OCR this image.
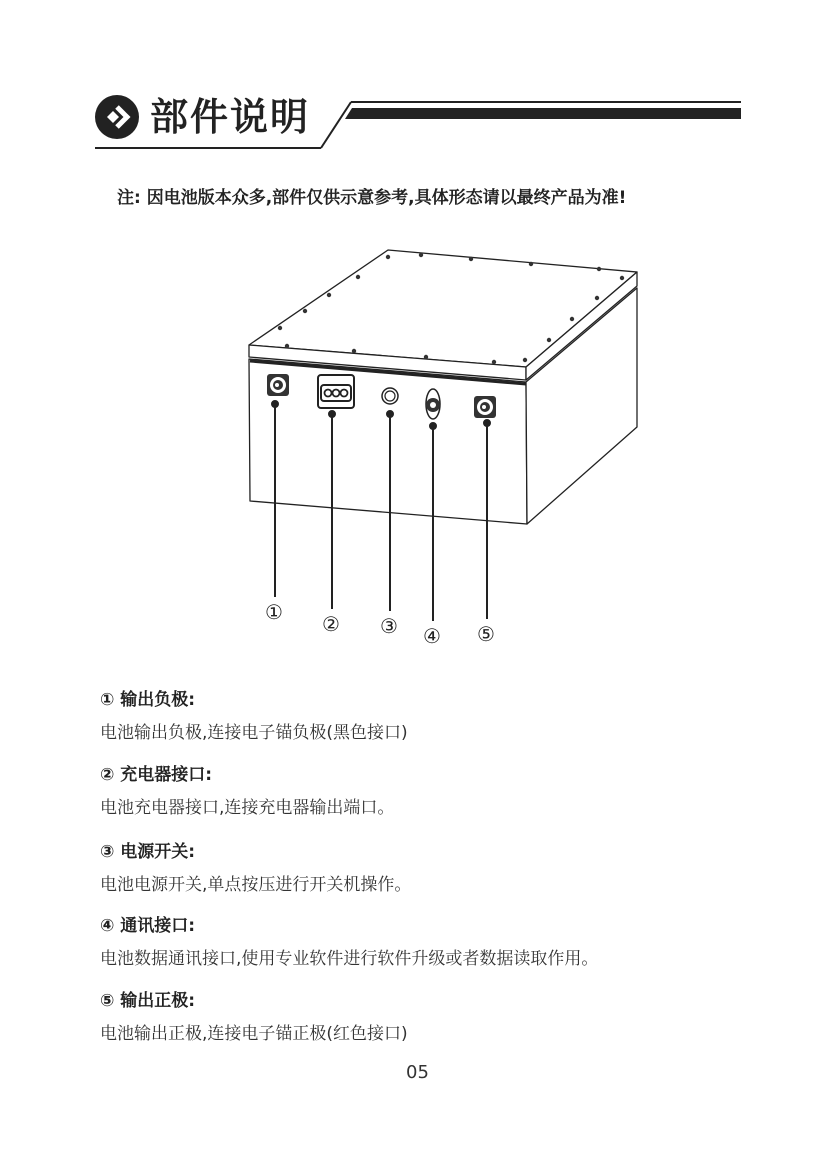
部件说明
注: 因电池版本众多,部件仅供示意参考,具体形态请以最终产品为准!
① ② ③ ④ ⑤
① 输出负极:
电池输出负极,连接电子锚负极(黑色接口)
② 充电器接口:
电池充电器接口,连接充电器输出端口。
③ 电源开关:
电池电源开关,单点按压进行开关机操作。
④ 通讯接口:
电池数据通讯接口,使用专业软件进行软件升级或者数据读取作用。
⑤ 输出正极:
电池输出正极,连接电子锚正极(红色接口)
05
